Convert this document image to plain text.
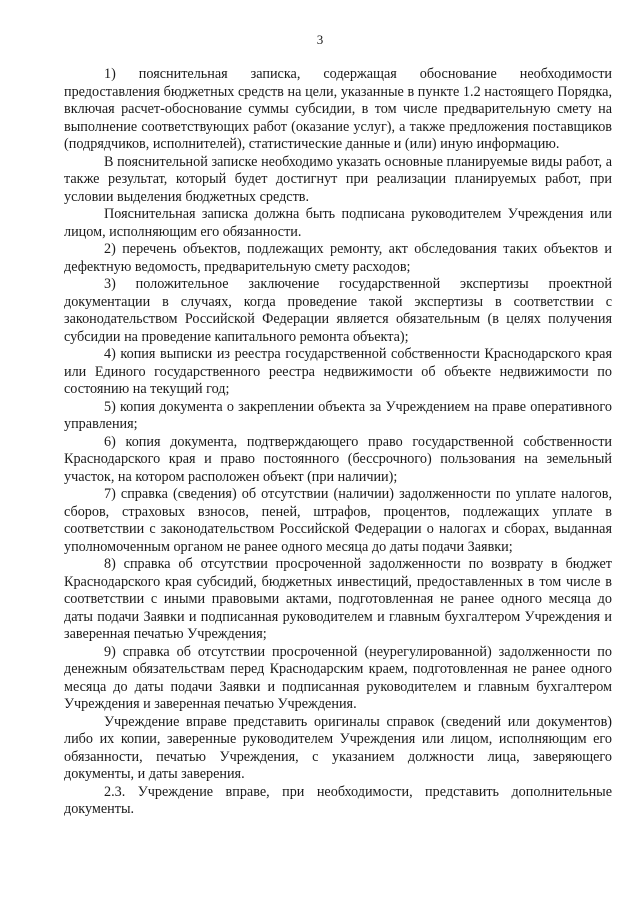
3

1) пояснительная записка, содержащая обоснование необходимости предоставления бюджетных средств на цели, указанные в пункте 1.2 настоящего Порядка, включая расчет-обоснование суммы субсидии, в том числе предварительную смету на выполнение соответствующих работ (оказание услуг), а также предложения поставщиков (подрядчиков, исполнителей), статистические данные и (или) иную информацию.

В пояснительной записке необходимо указать основные планируемые виды работ, а также результат, который будет достигнут при реализации планируемых работ, при условии выделения бюджетных средств.

Пояснительная записка должна быть подписана руководителем Учреждения или лицом, исполняющим его обязанности.

2) перечень объектов, подлежащих ремонту, акт обследования таких объектов и дефектную ведомость, предварительную смету расходов;

3) положительное заключение государственной экспертизы проектной документации в случаях, когда проведение такой экспертизы в соответствии с законодательством Российской Федерации является обязательным (в целях получения субсидии на проведение капитального ремонта объекта);

4) копия выписки из реестра государственной собственности Краснодарского края или Единого государственного реестра недвижимости об объекте недвижимости по состоянию на текущий год;

5) копия документа о закреплении объекта за Учреждением на праве оперативного управления;

6) копия документа, подтверждающего право государственной собственности Краснодарского края и право постоянного (бессрочного) пользования на земельный участок, на котором расположен объект (при наличии);

7) справка (сведения) об отсутствии (наличии) задолженности по уплате налогов, сборов, страховых взносов, пеней, штрафов, процентов, подлежащих уплате в соответствии с законодательством Российской Федерации о налогах и сборах, выданная уполномоченным органом не ранее одного месяца до даты подачи Заявки;

8) справка об отсутствии просроченной задолженности по возврату в бюджет Краснодарского края субсидий, бюджетных инвестиций, предоставленных в том числе в соответствии с иными правовыми актами, подготовленная не ранее одного месяца до даты подачи Заявки и подписанная руководителем и главным бухгалтером Учреждения и заверенная печатью Учреждения;

9) справка об отсутствии просроченной (неурегулированной) задолженности по денежным обязательствам перед Краснодарским краем, подготовленная не ранее одного месяца до даты подачи Заявки и подписанная руководителем и главным бухгалтером Учреждения и заверенная печатью Учреждения.

Учреждение вправе представить оригиналы справок (сведений или документов) либо их копии, заверенные руководителем Учреждения или лицом, исполняющим его обязанности, печатью Учреждения, с указанием должности лица, заверяющего документы, и даты заверения.

2.3. Учреждение вправе, при необходимости, представить дополнительные документы.
